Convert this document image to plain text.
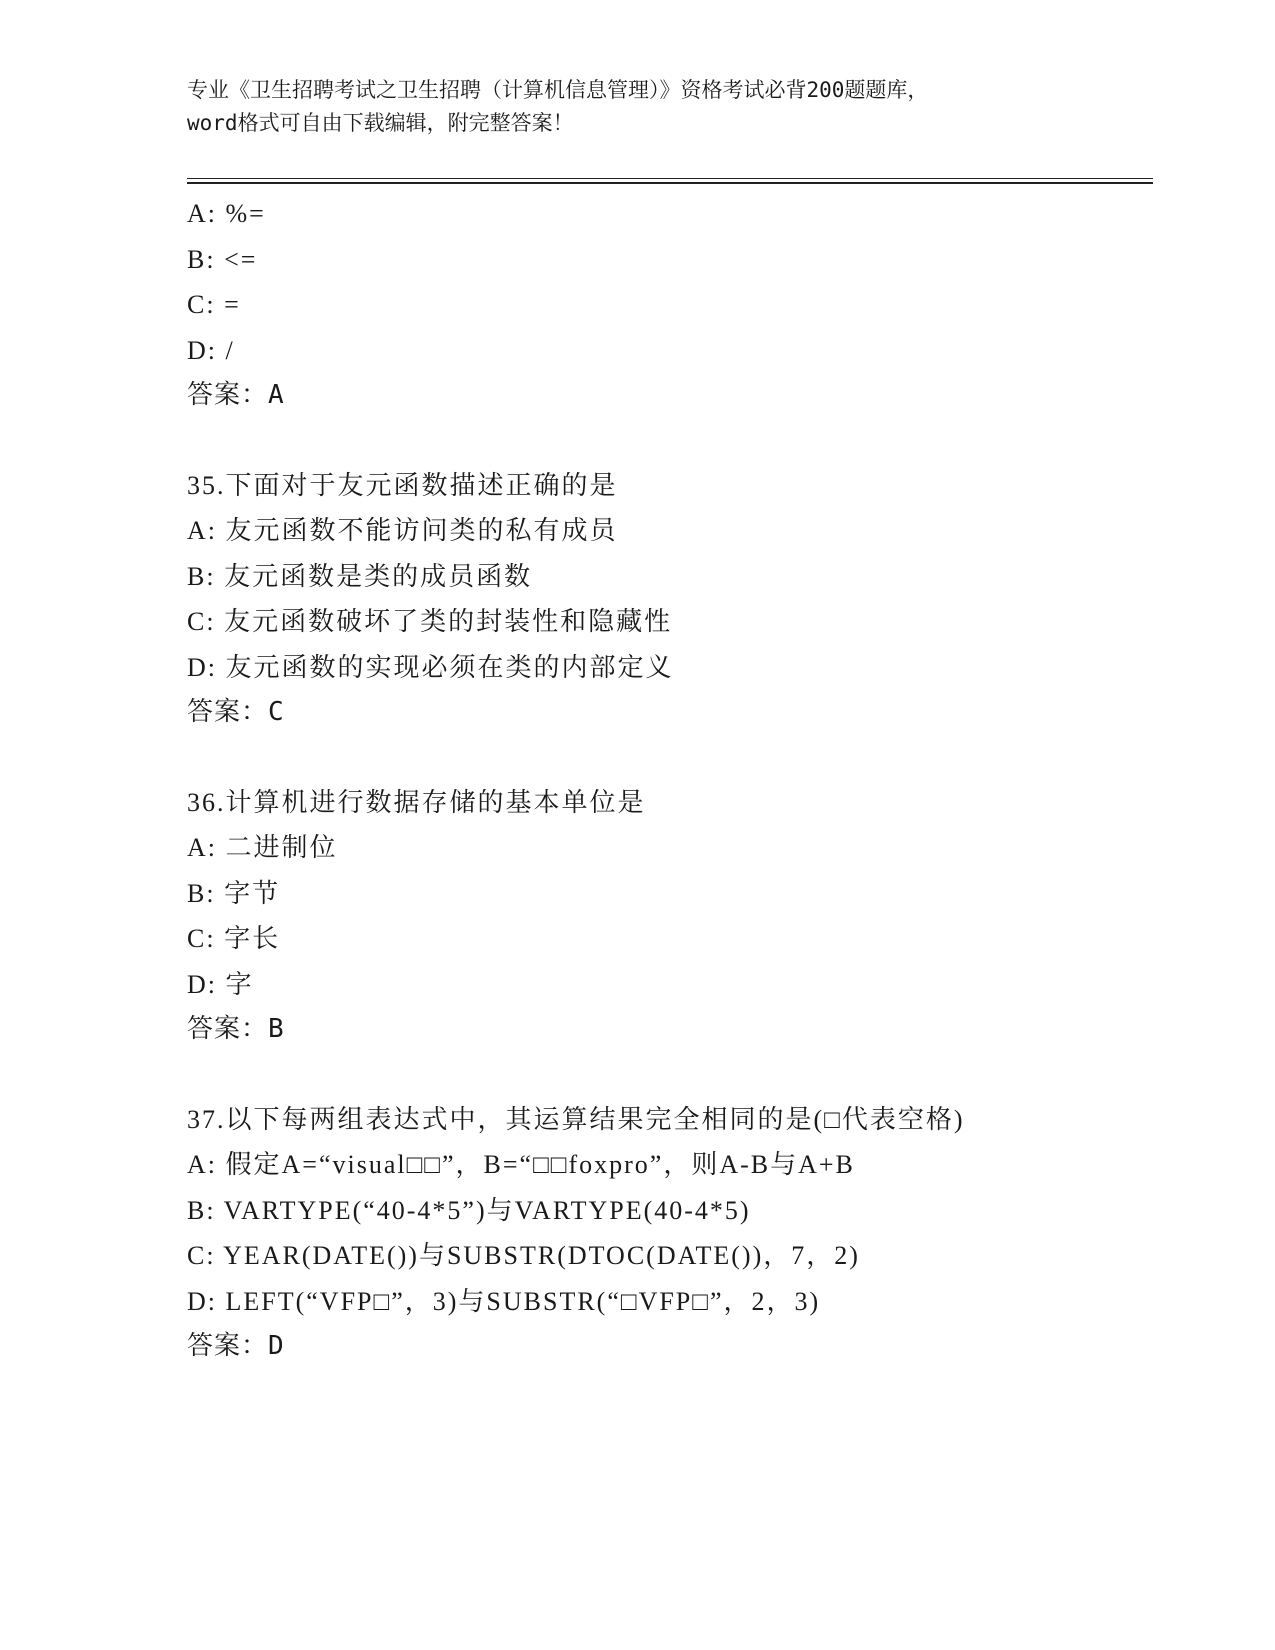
专业《卫生招聘考试之卫生招聘（计算机信息管理）》资格考试必背200题题库，
word格式可自由下载编辑，附完整答案！
A: %=
B: <=
C: =
D: /
答案：A
35.下面对于友元函数描述正确的是
A: 友元函数不能访问类的私有成员
B: 友元函数是类的成员函数
C: 友元函数破坏了类的封装性和隐藏性
D: 友元函数的实现必须在类的内部定义
答案：C
36.计算机进行数据存储的基本单位是
A: 二进制位
B: 字节
C: 字长
D: 字
答案：B
37.以下每两组表达式中，其运算结果完全相同的是(□代表空格)
A: 假定A=“visual□□”，B=“□□foxpro”，则A-B与A+B
B: VARTYPE(“40-4*5”)与VARTYPE(40-4*5)
C: YEAR(DATE())与SUBSTR(DTOC(DATE())，7，2)
D: LEFT(“VFP□”，3)与SUBSTR(“□VFP□”，2，3)
答案：D
